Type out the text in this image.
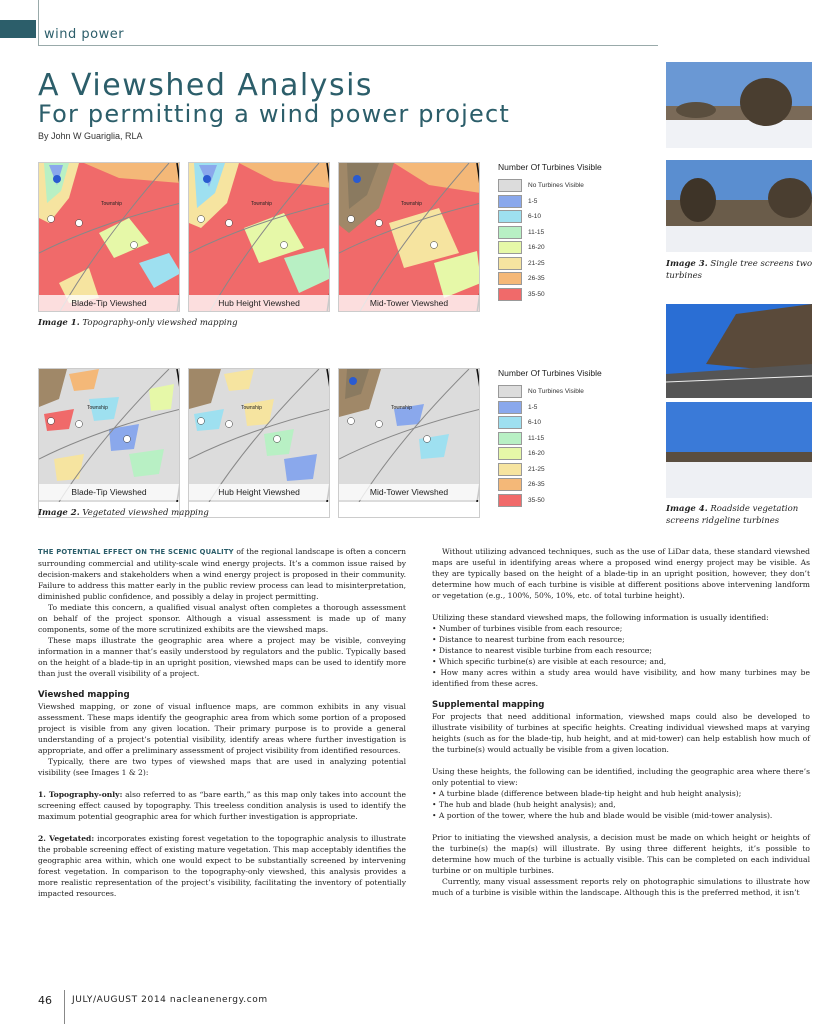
wind power
A Viewshed Analysis
For permitting a wind power project
By John W Guariglia, RLA
Township
Blade-Tip Viewshed
Township
Hub Height Viewshed
Township
Mid-Tower Viewshed
Image 1. Topography-only viewshed mapping
Number Of Turbines Visible
No Turbines Visible
1-5
6-10
11-15
16-20
21-25
26-35
35-50
Township
Blade-Tip Viewshed
Township
Hub Height Viewshed
Township
Mid-Tower Viewshed
Image 2. Vegetated viewshed mapping
Number Of Turbines Visible
No Turbines Visible
1-5
6-10
11-15
16-20
21-25
26-35
35-50
Image 3. Single tree screens two turbines
Image 4. Roadside vegetation screens ridgeline turbines

THE POTENTIAL EFFECT ON THE SCENIC QUALITY of the regional landscape is often a concern surrounding commercial and utility-scale wind energy projects. It’s a common issue raised by decision-makers and stakeholders when a wind energy project is proposed in their community. Failure to address this matter early in the public review process can lead to misinterpretation, diminished public confidence, and possibly a delay in project permitting.

To mediate this concern, a qualified visual analyst often completes a thorough assessment on behalf of the project sponsor. Although a visual assessment is made up of many components, some of the more scrutinized exhibits are the viewshed maps.

These maps illustrate the geographic area where a project may be visible, conveying information in a manner that’s easily understood by regulators and the public. Typically based on the height of a blade-tip in an upright position, viewshed maps can be used to identify more than just the overall visibility of a project.

Viewshed mapping

Viewshed mapping, or zone of visual influence maps, are common exhibits in any visual assessment. These maps identify the geographic area from which some portion of a proposed project is visible from any given location. Their primary purpose is to provide a general understanding of a project’s potential visibility, identify areas where further investigation is appropriate, and offer a preliminary assessment of project visibility from identified resources.

Typically, there are two types of viewshed maps that are used in analyzing potential visibility (see Images 1 & 2):

1. Topography-only: also referred to as “bare earth,” as this map only takes into account the screening effect caused by topography. This treeless condition analysis is used to identify the maximum potential geographic area for which further investigation is appropriate.

2. Vegetated: incorporates existing forest vegetation to the topographic analysis to illustrate the probable screening effect of existing mature vegetation. This map acceptably identifies the geographic area within, which one would expect to be substantially screened by intervening forest vegetation. In comparison to the topography-only viewshed, this analysis provides a more realistic representation of the project’s visibility, facilitating the inventory of potentially impacted resources.

Without utilizing advanced techniques, such as the use of LiDar data, these standard viewshed maps are useful in identifying areas where a proposed wind energy project may be visible. As they are typically based on the height of a blade-tip in an upright position, however, they don’t determine how much of each turbine is visible at different positions above intervening landform or vegetation (e.g., 100%, 50%, 10%, etc. of total turbine height).

Utilizing these standard viewshed maps, the following information is usually identified:

• Number of turbines visible from each resource;
• Distance to nearest turbine from each resource;
• Distance to nearest visible turbine from each resource;
• Which specific turbine(s) are visible at each resource; and,
• How many acres within a study area would have visibility, and how many turbines may be identified from these acres.

Supplemental mapping

For projects that need additional information, viewshed maps could also be developed to illustrate visibility of turbines at specific heights. Creating individual viewshed maps at varying heights (such as for the blade-tip, hub height, and at mid-tower) can help establish how much of the turbine(s) would actually be visible from a given location.

Using these heights, the following can be identified, including the geographic area where there’s only potential to view:

• A turbine blade (difference between blade-tip height and hub height analysis);
• The hub and blade (hub height analysis); and,
• A portion of the tower, where the hub and blade would be visible (mid-tower analysis).

Prior to initiating the viewshed analysis, a decision must be made on which height or heights of the turbine(s) the map(s) will illustrate. By using three different heights, it’s possible to determine how much of the turbine is actually visible. This can be completed on each individual turbine or on multiple turbines.

Currently, many visual assessment reports rely on photographic simulations to illustrate how much of a turbine is visible within the landscape. Although this is the preferred method, it isn’t

46 JULY/AUGUST 2014 nacleanenergy.com
